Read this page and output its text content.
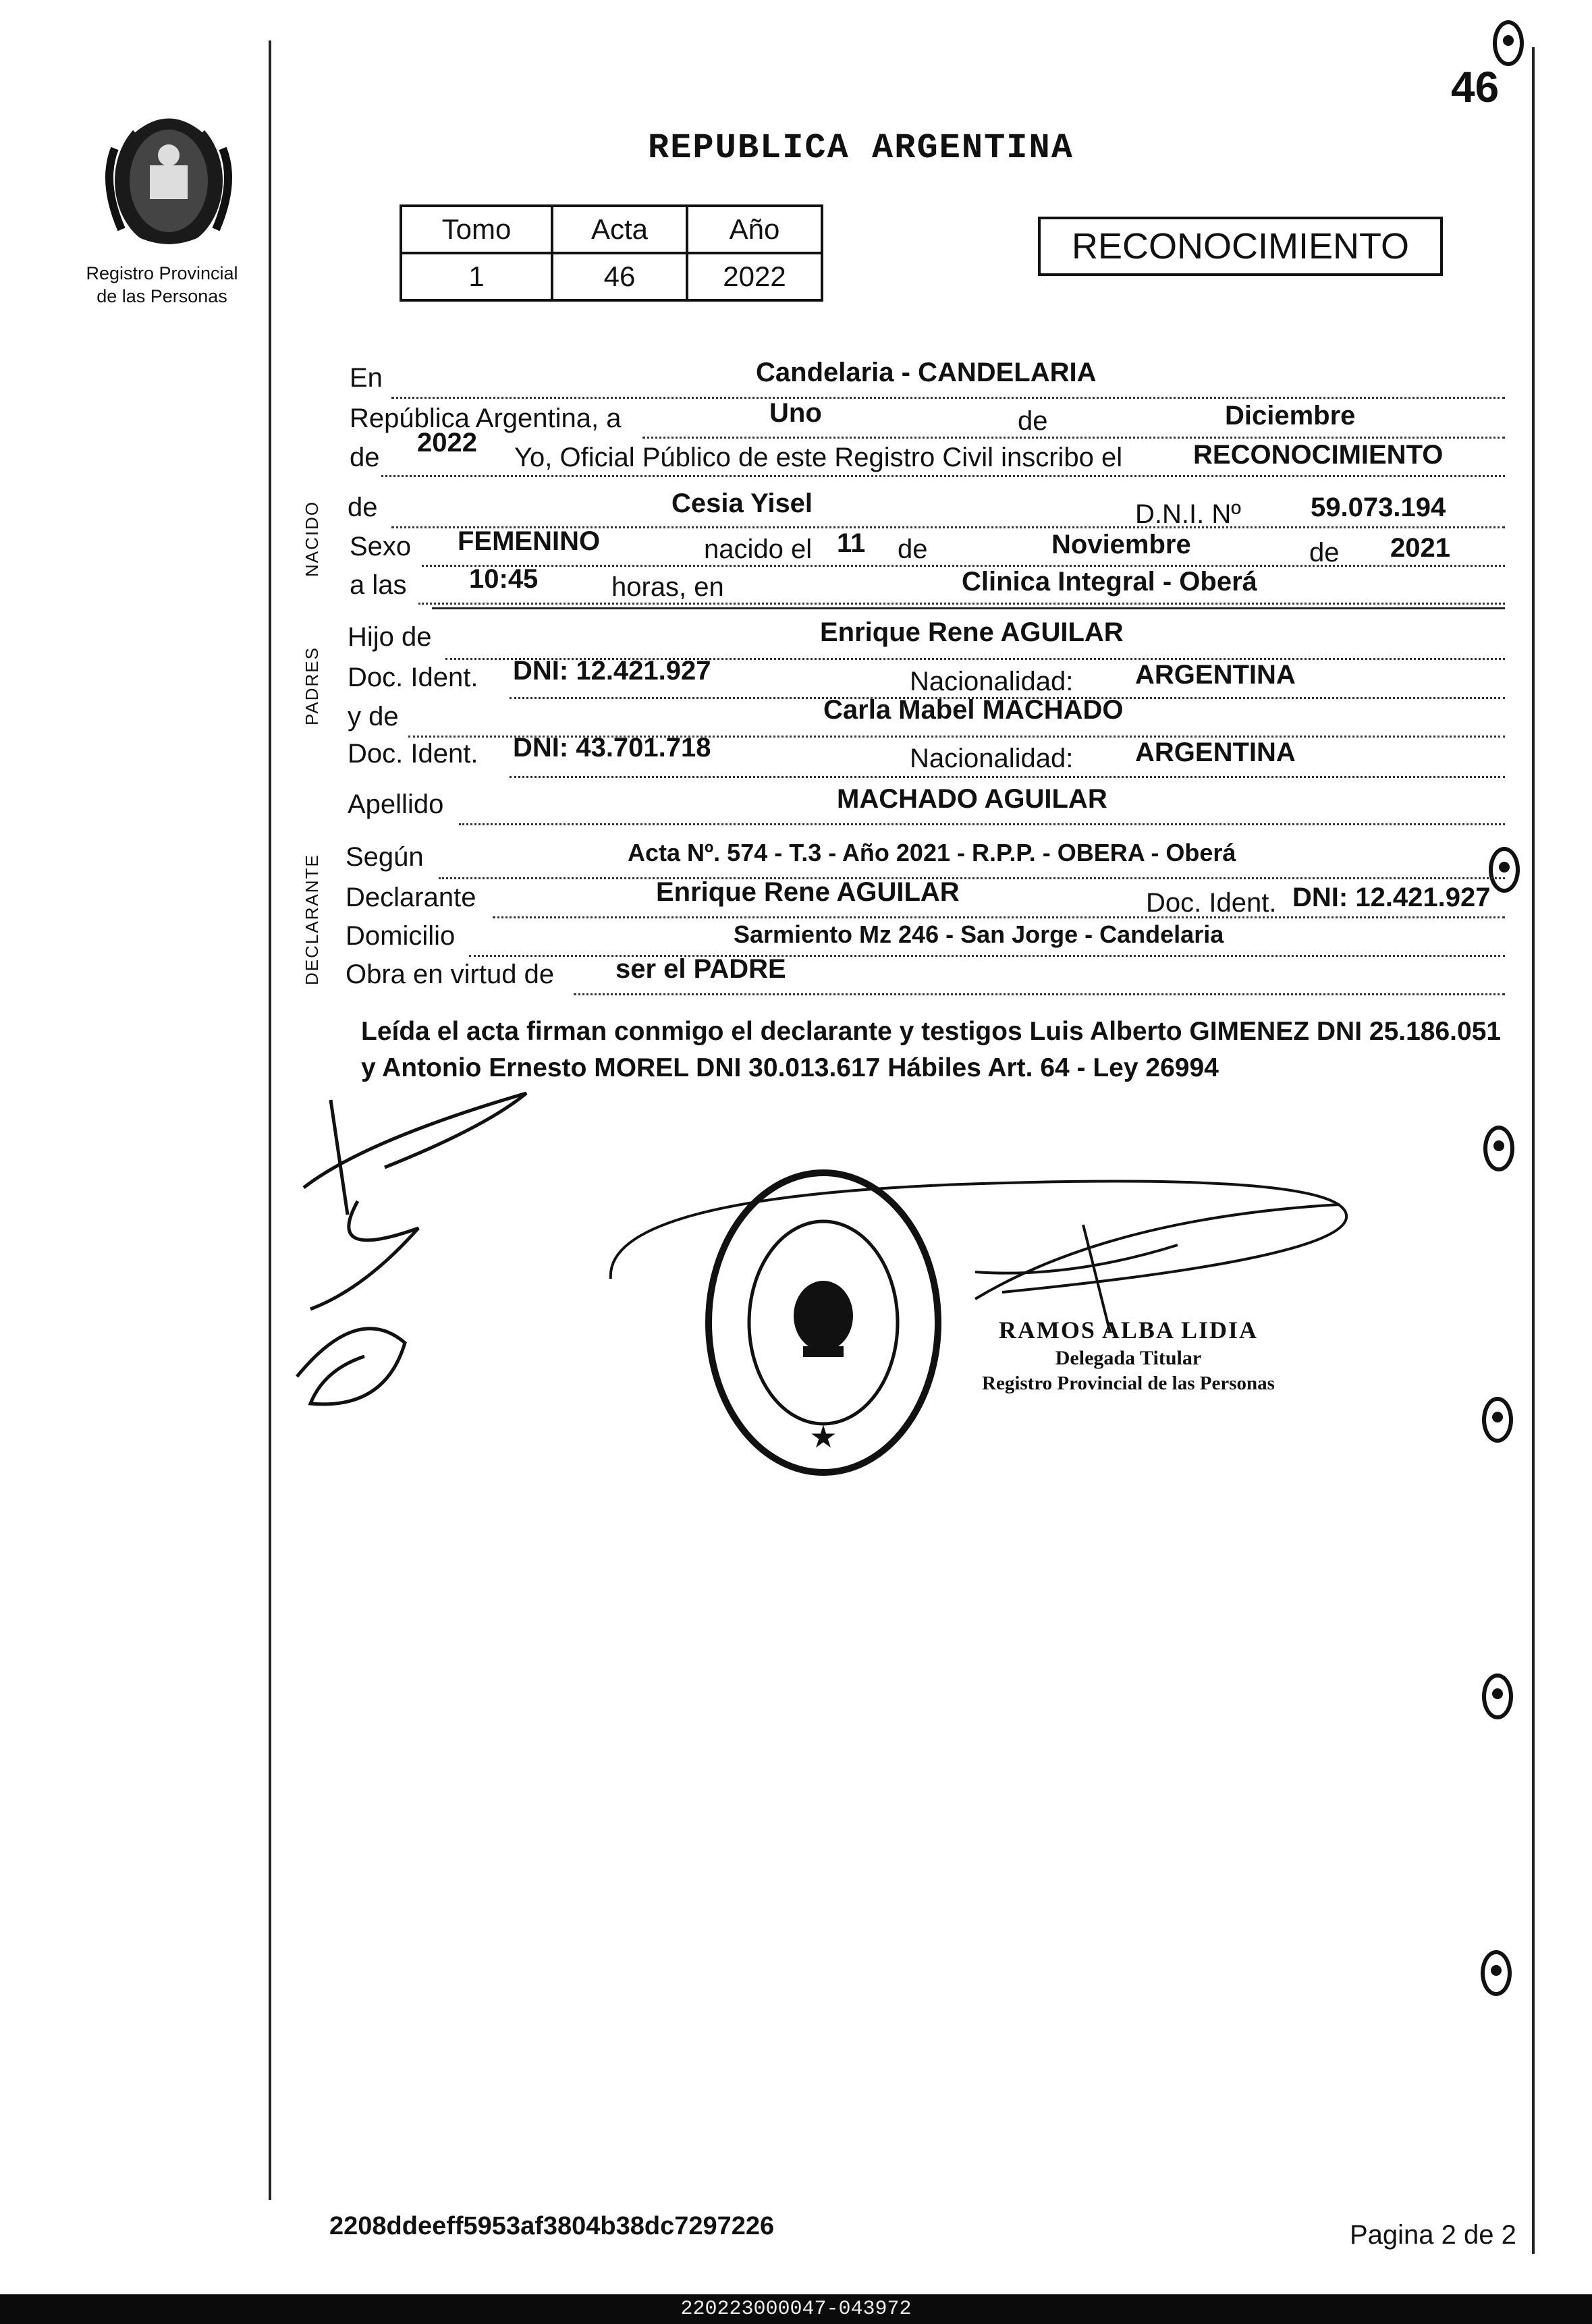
46
Registro Provincial
de las Personas
REPUBLICA ARGENTINA
Tomo	Acta	Año
1	46	2022
RECONOCIMIENTO
NACIDO
PADRES
DECLARANTE
En	Candelaria - CANDELARIA
República Argentina, a	Uno	de	Diciembre
de 2022 Yo, Oficial Público de este Registro Civil inscribo el	RECONOCIMIENTO
de	Cesia Yisel	D.N.I. Nº	59.073.194
Sexo FEMENINO	nacido el 11 de	Noviembre	de 2021
a las 10:45	horas, en	Clinica Integral - Oberá
Hijo de	Enrique Rene AGUILAR
Doc. Ident. DNI: 12.421.927	Nacionalidad: ARGENTINA
y de	Carla Mabel MACHADO
Doc. Ident. DNI: 43.701.718	Nacionalidad: ARGENTINA
Apellido	MACHADO AGUILAR
Según	Acta Nº. 574 - T.3 - Año 2021 - R.P.P. - OBERA - Oberá
Declarante	Enrique Rene AGUILAR	Doc. Ident. DNI: 12.421.927
Domicilio	Sarmiento Mz 246 - San Jorge - Candelaria
Obra en virtud de ser el PADRE
Leída el acta firman conmigo el declarante y testigos Luis Alberto GIMENEZ DNI 25.186.051 y Antonio Ernesto MOREL DNI 30.013.617 Hábiles Art. 64 - Ley 26994
★
RAMOS ALBA LIDIA
Delegada Titular
Registro Provincial de las Personas
2208ddeeff5953af3804b38dc7297226	Pagina 2 de 2
220223000047-043972
